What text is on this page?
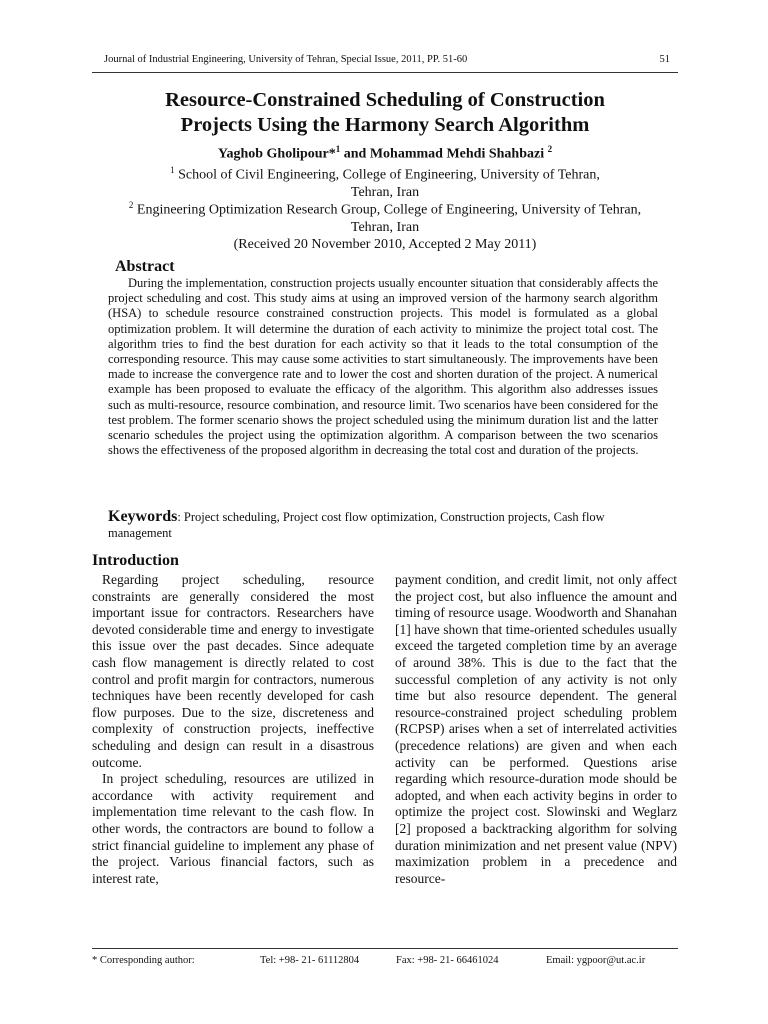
Journal of Industrial Engineering, University of Tehran, Special Issue, 2011, PP. 51-60	51
Resource-Constrained Scheduling of Construction
Projects Using the Harmony Search Algorithm
Yaghob Gholipour*$^1$ and Mohammad Mehdi Shahbazi $^2$
$^1$ School of Civil Engineering, College of Engineering, University of Tehran,
Tehran, Iran
$^2$ Engineering Optimization Research Group, College of Engineering, University of Tehran,
Tehran, Iran
(Received 20 November 2010, Accepted 2 May 2011)
Abstract
During the implementation, construction projects usually encounter situation that considerably affects the project scheduling and cost. This study aims at using an improved version of the harmony search algorithm (HSA) to schedule resource constrained construction projects. This model is formulated as a global optimization problem. It will determine the duration of each activity to minimize the project total cost. The algorithm tries to find the best duration for each activity so that it leads to the total consumption of the corresponding resource. This may cause some activities to start simultaneously. The improvements have been made to increase the convergence rate and to lower the cost and shorten duration of the project. A numerical example has been proposed to evaluate the efficacy of the algorithm. This algorithm also addresses issues such as multi-resource, resource combination, and resource limit. Two scenarios have been considered for the test problem. The former scenario shows the project scheduled using the minimum duration list and the latter scenario schedules the project using the optimization algorithm. A comparison between the two scenarios shows the effectiveness of the proposed algorithm in decreasing the total cost and duration of the projects.
Keywords: Project scheduling, Project cost flow optimization, Construction projects, Cash flow management
Introduction

Regarding project scheduling, resource constraints are generally considered the most important issue for contractors. Researchers have devoted considerable time and energy to investigate this issue over the past decades. Since adequate cash flow management is directly related to cost control and profit margin for contractors, numerous techniques have been recently developed for cash flow purposes. Due to the size, discreteness and complexity of construction projects, ineffective scheduling and design can result in a disastrous outcome.

In project scheduling, resources are utilized in accordance with activity requirement and implementation time relevant to the cash flow. In other words, the contractors are bound to follow a strict financial guideline to implement any phase of the project. Various financial factors, such as interest rate,

payment condition, and credit limit, not only affect the project cost, but also influence the amount and timing of resource usage. Woodworth and Shanahan [1] have shown that time-oriented schedules usually exceed the targeted completion time by an average of around 38%. This is due to the fact that the successful completion of any activity is not only time but also resource dependent. The general resource-constrained project scheduling problem (RCPSP) arises when a set of interrelated activities (precedence relations) are given and when each activity can be performed. Questions arise regarding which resource-duration mode should be adopted, and when each activity begins in order to optimize the project cost. Slowinski and Weglarz [2] proposed a backtracking algorithm for solving duration minimization and net present value (NPV) maximization problem in a precedence and resource-

* Corresponding author:	Tel: +98- 21- 61112804	Fax: +98- 21- 66461024	Email: ygpoor@ut.ac.ir
